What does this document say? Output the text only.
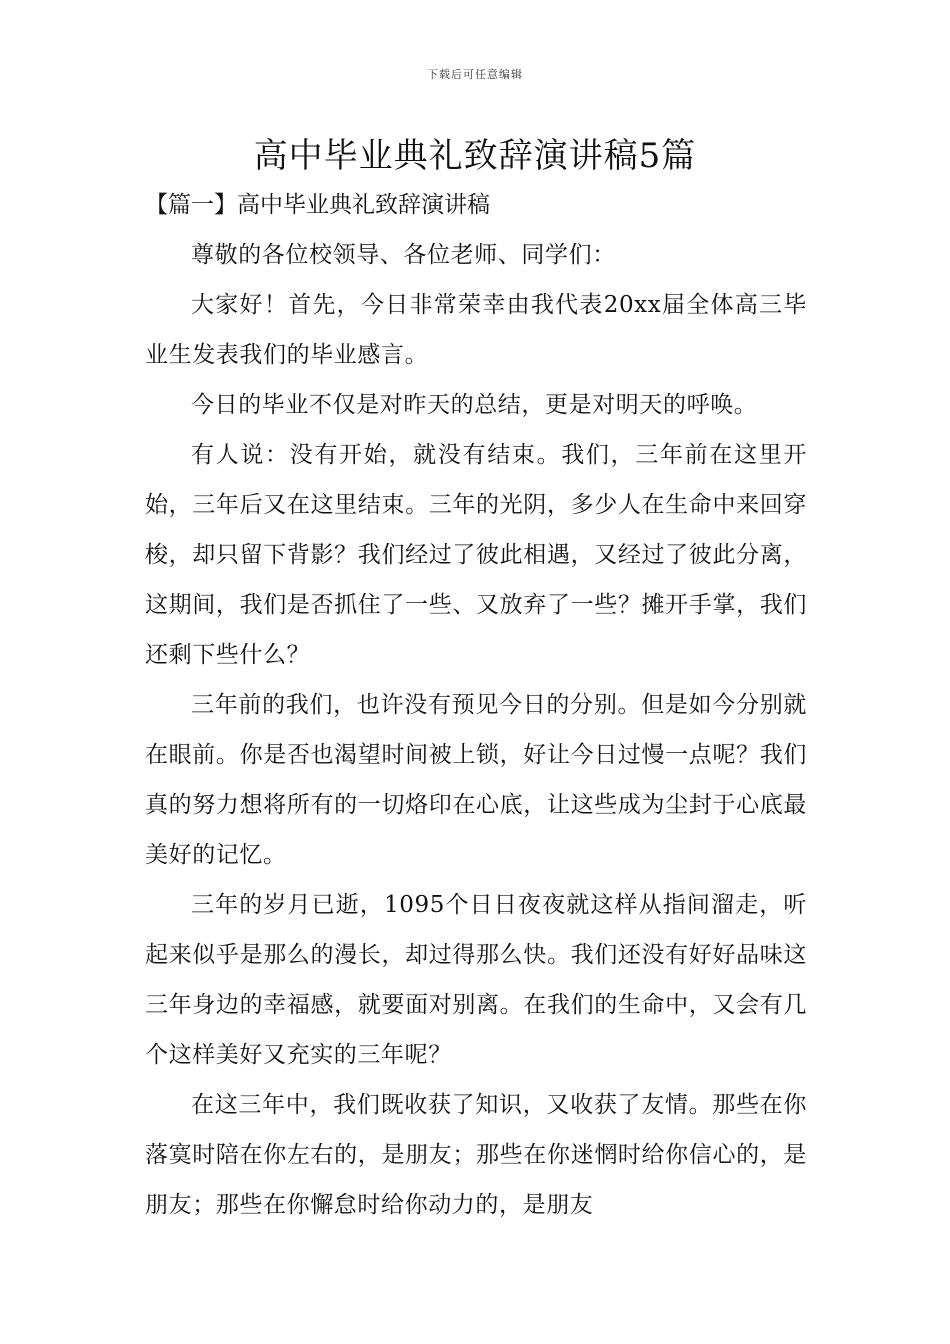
下载后可任意编辑
高中毕业典礼致辞演讲稿5篇

【篇一】高中毕业典礼致辞演讲稿

尊敬的各位校领导、各位老师、同学们：

大家好！首先，今日非常荣幸由我代表20xx届全体高三毕业生发表我们的毕业感言。

今日的毕业不仅是对昨天的总结，更是对明天的呼唤。

有人说：没有开始，就没有结束。我们，三年前在这里开始，三年后又在这里结束。三年的光阴，多少人在生命中来回穿梭，却只留下背影？我们经过了彼此相遇，又经过了彼此分离，这期间，我们是否抓住了一些、又放弃了一些？摊开手掌，我们还剩下些什么？

三年前的我们，也许没有预见今日的分别。但是如今分别就在眼前。你是否也渴望时间被上锁，好让今日过慢一点呢？我们真的努力想将所有的一切烙印在心底，让这些成为尘封于心底最美好的记忆。

三年的岁月已逝，1095个日日夜夜就这样从指间溜走，听起来似乎是那么的漫长，却过得那么快。我们还没有好好品味这三年身边的幸福感，就要面对别离。在我们的生命中，又会有几个这样美好又充实的三年呢？

在这三年中，我们既收获了知识，又收获了友情。那些在你落寞时陪在你左右的，是朋友；那些在你迷惘时给你信心的，是朋友；那些在你懈怠时给你动力的，是朋友
